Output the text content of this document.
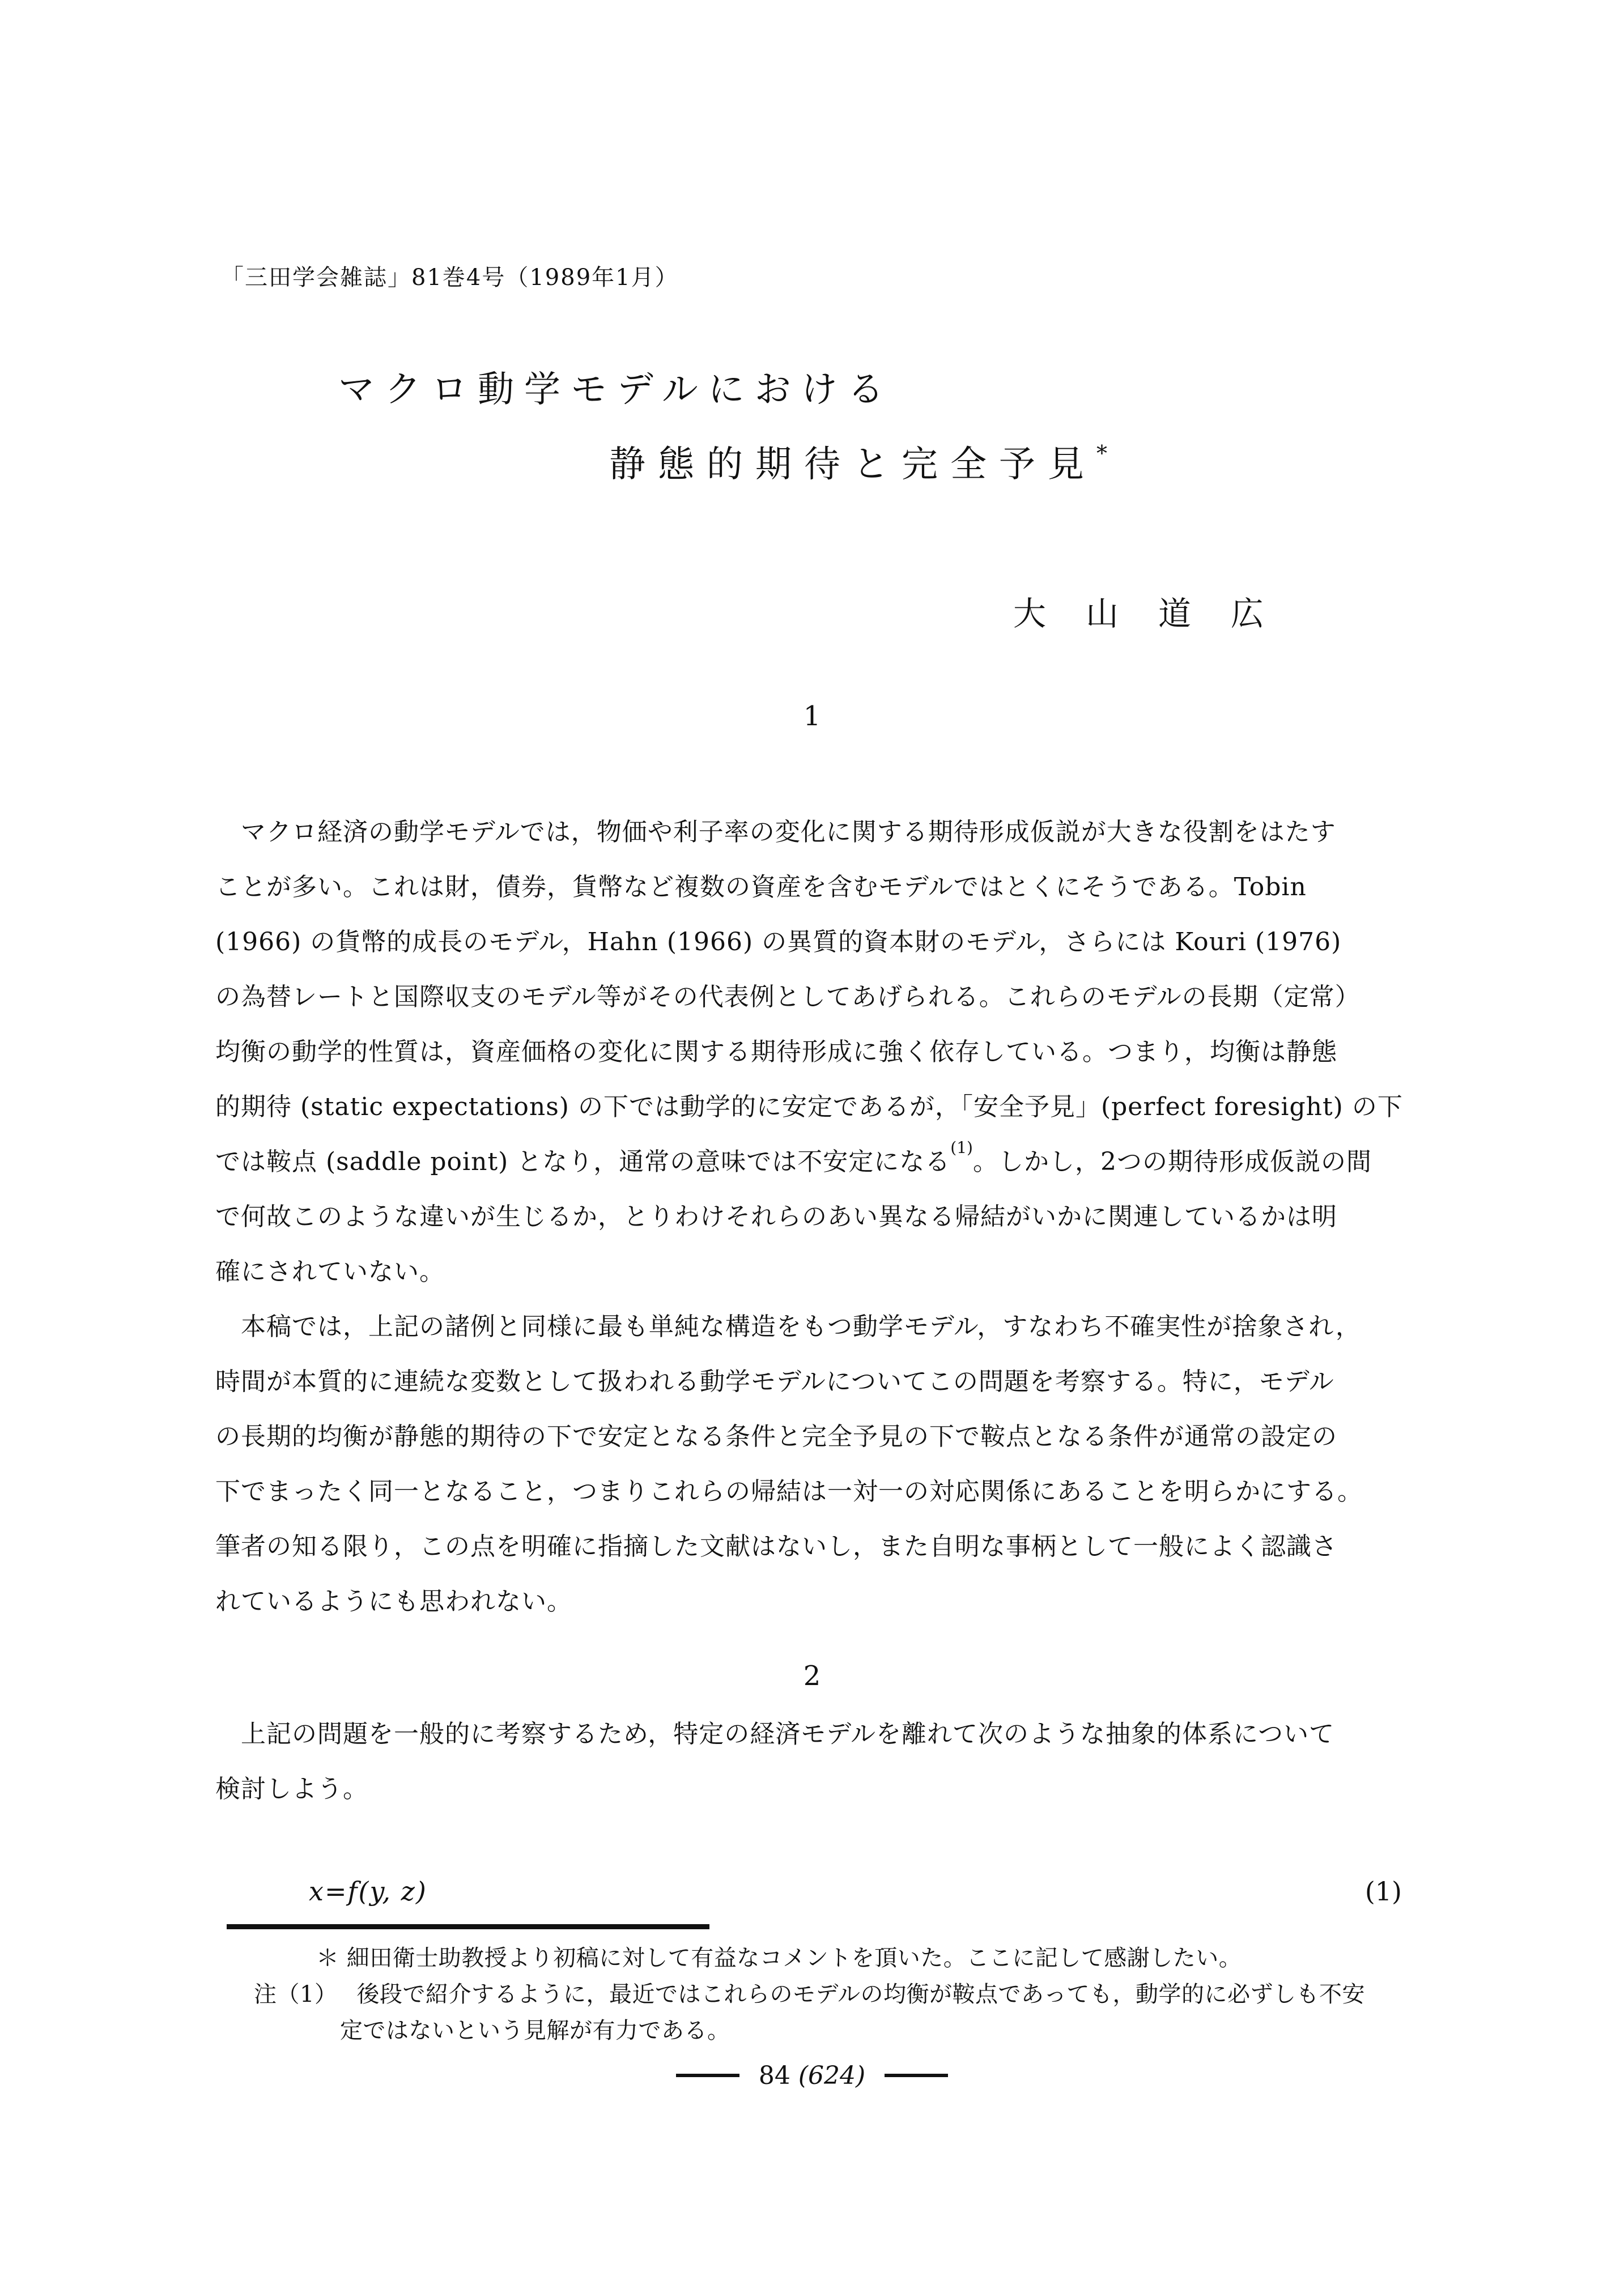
「三田学会雑誌」81巻4号（1989年1月）
マクロ動学モデルにおける
静態的期待と完全予見*
大　山　道　広
1
　マクロ経済の動学モデルでは，物価や利子率の変化に関する期待形成仮説が大きな役割をはたす
ことが多い。これは財，債券，貨幣など複数の資産を含むモデルではとくにそうである。Tobin
(1966) の貨幣的成長のモデル，Hahn (1966) の異質的資本財のモデル，さらには Kouri (1976)
の為替レートと国際収支のモデル等がその代表例としてあげられる。これらのモデルの長期（定常）
均衡の動学的性質は，資産価格の変化に関する期待形成に強く依存している。つまり，均衡は静態
的期待 (static expectations) の下では動学的に安定であるが，「安全予見」(perfect foresight) の下
では鞍点 (saddle point) となり，通常の意味では不安定になる$^{(1)}$。しかし，2つの期待形成仮説の間
で何故このような違いが生じるか，とりわけそれらのあい異なる帰結がいかに関連しているかは明
確にされていない。
　本稿では，上記の諸例と同様に最も単純な構造をもつ動学モデル，すなわち不確実性が捨象され，
時間が本質的に連続な変数として扱われる動学モデルについてこの問題を考察する。特に，モデル
の長期的均衡が静態的期待の下で安定となる条件と完全予見の下で鞍点となる条件が通常の設定の
下でまったく同一となること，つまりこれらの帰結は一対一の対応関係にあることを明らかにする。
筆者の知る限り，この点を明確に指摘した文献はないし，また自明な事柄として一般によく認識さ
れているようにも思われない。
2
　上記の問題を一般的に考察するため，特定の経済モデルを離れて次のような抽象的体系について
検討しよう。
x=f(y, z)	(1)
＊ 細田衛士助教授より初稿に対して有益なコメントを頂いた。ここに記して感謝したい。
注（1） 後段で紹介するように，最近ではこれらのモデルの均衡が鞍点であっても，動学的に必ずしも不安
定ではないという見解が有力である。
84 (624)
